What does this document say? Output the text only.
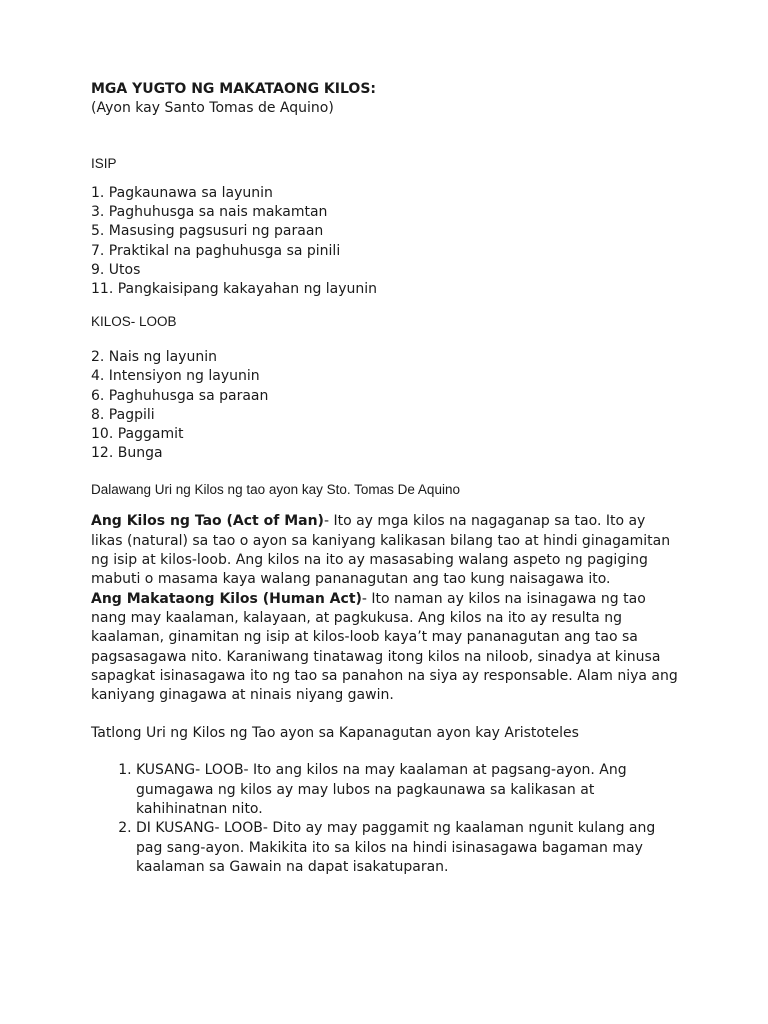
MGA YUGTO NG MAKATAONG KILOS:

(Ayon kay Santo Tomas de Aquino)

ISIP

1. Pagkaunawa sa layunin
3. Paghuhusga sa nais makamtan
5. Masusing pagsusuri ng paraan
7. Praktikal na paghuhusga sa pinili
9. Utos
11. Pangkaisipang kakayahan ng layunin

KILOS- LOOB

2. Nais ng layunin
4. Intensiyon ng layunin
6. Paghuhusga sa paraan
8. Pagpili
10. Paggamit
12. Bunga

Dalawang Uri ng Kilos ng tao ayon kay Sto. Tomas De Aquino

Ang Kilos ng Tao (Act of Man)- Ito ay mga kilos na nagaganap sa tao. Ito ay likas (natural) sa tao o ayon sa kaniyang kalikasan bilang tao at hindi ginagamitan ng isip at kilos-loob. Ang kilos na ito ay masasabing walang aspeto ng pagiging mabuti o masama kaya walang pananagutan ang tao kung naisagawa ito.

Ang Makataong Kilos (Human Act)- Ito naman ay kilos na isinagawa ng tao nang may kaalaman, kalayaan, at pagkukusa. Ang kilos na ito ay resulta ng kaalaman, ginamitan ng isip at kilos-loob kaya’t may pananagutan ang tao sa pagsasagawa nito. Karaniwang tinatawag itong kilos na niloob, sinadya at kinusa sapagkat isinasagawa ito ng tao sa panahon na siya ay responsable. Alam niya ang kaniyang ginagawa at ninais niyang gawin.

Tatlong Uri ng Kilos ng Tao ayon sa Kapanagutan ayon kay Aristoteles

1. KUSANG- LOOB- Ito ang kilos na may kaalaman at pagsang-ayon. Ang gumagawa ng kilos ay may lubos na pagkaunawa sa kalikasan at kahihinatnan nito.
2. DI KUSANG- LOOB- Dito ay may paggamit ng kaalaman ngunit kulang ang pag sang-ayon. Makikita ito sa kilos na hindi isinasagawa bagaman may kaalaman sa Gawain na dapat isakatuparan.
